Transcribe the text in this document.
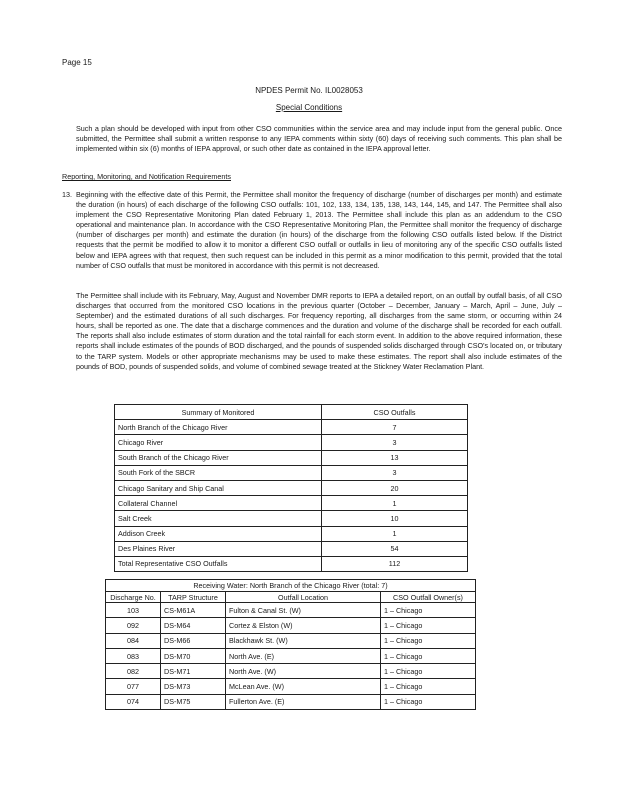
Page 15
NPDES Permit No. IL0028053
Special Conditions
Such a plan should be developed with input from other CSO communities within the service area and may include input from the general public. Once submitted, the Permittee shall submit a written response to any IEPA comments within sixty (60) days of receiving such comments. This plan shall be implemented within six (6) months of IEPA approval, or such other date as contained in the IEPA approval letter.
Reporting, Monitoring, and Notification Requirements
13. Beginning with the effective date of this Permit, the Permittee shall monitor the frequency of discharge (number of discharges per month) and estimate the duration (in hours) of each discharge of the following CSO outfalls: 101, 102, 133, 134, 135, 138, 143, 144, 145, and 147. The Permittee shall also implement the CSO Representative Monitoring Plan dated February 1, 2013. The Permittee shall include this plan as an addendum to the CSO operational and maintenance plan. In accordance with the CSO Representative Monitoring Plan, the Permittee shall monitor the frequency of discharge (number of discharges per month) and estimate the duration (in hours) of the discharge from the following CSO outfalls listed below. If the District requests that the permit be modified to allow it to monitor a different CSO outfall or outfalls in lieu of monitoring any of the specific CSO outfalls listed below and IEPA agrees with that request, then such request can be included in this permit as a minor modification to this permit, provided that the total number of CSO outfalls that must be monitored in accordance with this permit is not decreased.
The Permittee shall include with its February, May, August and November DMR reports to IEPA a detailed report, on an outfall by outfall basis, of all CSO discharges that occurred from the monitored CSO locations in the previous quarter (October – December, January – March, April – June, July – September) and the estimated durations of all such discharges. For frequency reporting, all discharges from the same storm, or occurring within 24 hours, shall be reported as one. The date that a discharge commences and the duration and volume of the discharge shall be recorded for each outfall. The reports shall also include estimates of storm duration and the total rainfall for each storm event. In addition to the above required information, these reports shall include estimates of the pounds of BOD discharged, and the pounds of suspended solids discharged through CSO's located on, or tributary to the TARP system. Models or other appropriate mechanisms may be used to make these estimates. The report shall also include estimates of the pounds of BOD, pounds of suspended solids, and volume of combined sewage treated at the Stickney Water Reclamation Plant.
Summary of Monitored	CSO Outfalls
North Branch of the Chicago River	7
Chicago River	3
South Branch of the Chicago River	13
South Fork of the SBCR	3
Chicago Sanitary and Ship Canal	20
Collateral Channel	1
Salt Creek	10
Addison Creek	1
Des Plaines River	54
Total Representative CSO Outfalls	112
Receiving Water: North Branch of the Chicago River (total: 7)			
Discharge No.	TARP Structure	Outfall Location	CSO Outfall Owner(s)
103	CS-M61A	Fulton & Canal St. (W)	1 – Chicago
092	DS-M64	Cortez & Elston (W)	1 – Chicago
084	DS-M66	Blackhawk St. (W)	1 – Chicago
083	DS-M70	North Ave. (E)	1 – Chicago
082	DS-M71	North Ave. (W)	1 – Chicago
077	DS-M73	McLean Ave. (W)	1 – Chicago
074	DS-M75	Fullerton Ave. (E)	1 – Chicago
